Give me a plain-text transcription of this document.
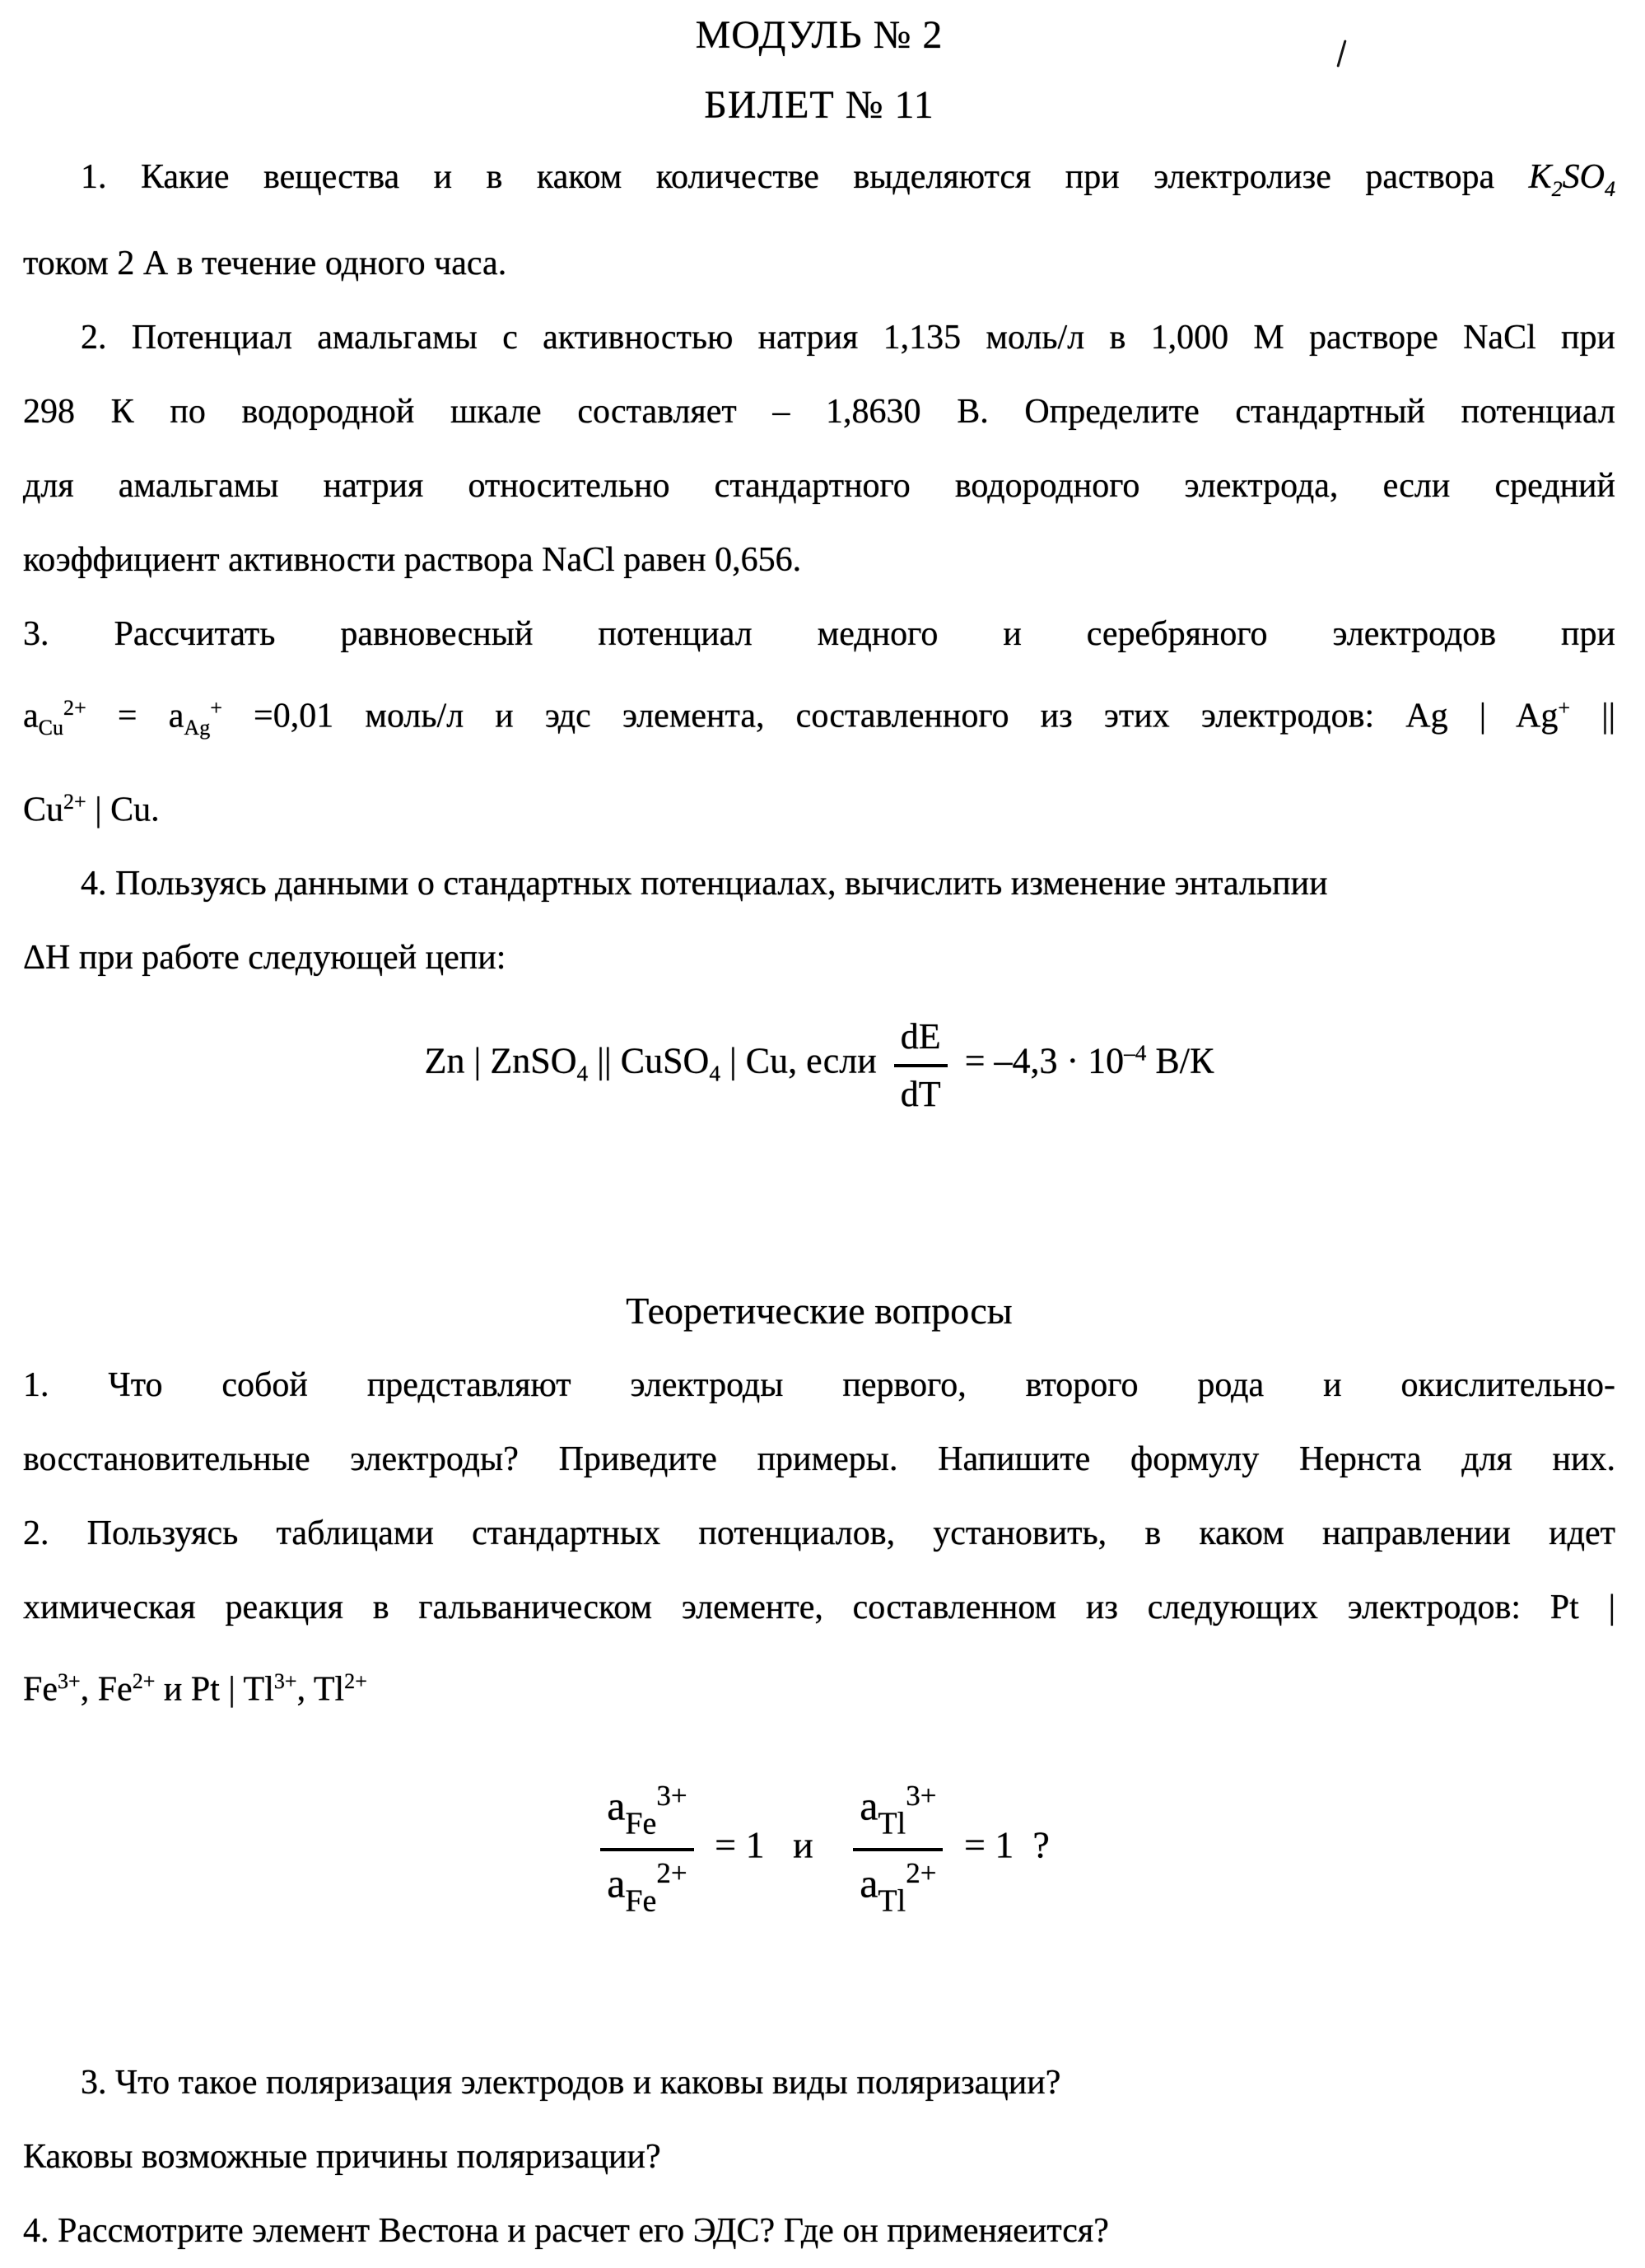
МОДУЛЬ № 2
БИЛЕТ № 11
1. Какие вещества и в каком количестве выделяются при электролизе раствора $K_2SO_4$
током 2 А в течение одного часа.
2. Потенциал амальгамы с активностью натрия 1,135 моль/л в 1,000 М растворе NaCl при
298 К по водородной шкале составляет – 1,8630 В. Определите стандартный потенциал
для амальгамы натрия относительно стандартного водородного электрода, если средний
коэффициент активности раствора NaCl равен 0,656.
3. Рассчитать равновесный потенциал медного и серебряного электродов при
$a_{Cu}^{2+} = a_{Ag}^+ =0,01$ моль/л и эдс элемента, составленного из этих электродов: Ag | Ag+ ||
$Cu^{2+}$ | Cu.
4. Пользуясь данными о стандартных потенциалах, вычислить изменение энтальпии
ΔН при работе следующей цепи:
Zn | ZnSO$_4$ || CuSO$_4$ | Cu, если $\frac{dE}{dT} = -4,3 \cdot 10^{-4}$ В/К
Теоретические вопросы
1. Что собой представляют электроды первого, второго рода и окислительно-
восстановительные электроды? Приведите примеры. Напишите формулу Нернста для них.
2. Пользуясь таблицами стандартных потенциалов, установить, в каком направлении идет
химическая реакция в гальваническом элементе, составленном из следующих электродов: Pt |
$Fe^{3+}$, $Fe^{2+}$ и Pt | $Tl^{3+}$, $Tl^{2+}$
$\frac{a_{Fe}^{3+}}{a_{Fe}^{2+}} = 1$   и $\frac{a_{Tl}^{3+}}{a_{Tl}^{2+}} = 1$  ?
3. Что такое поляризация электродов и каковы виды поляризации?
Каковы возможные причины поляризации?
4. Рассмотрите элемент Вестона и расчет его ЭДС? Где он применяеится?
